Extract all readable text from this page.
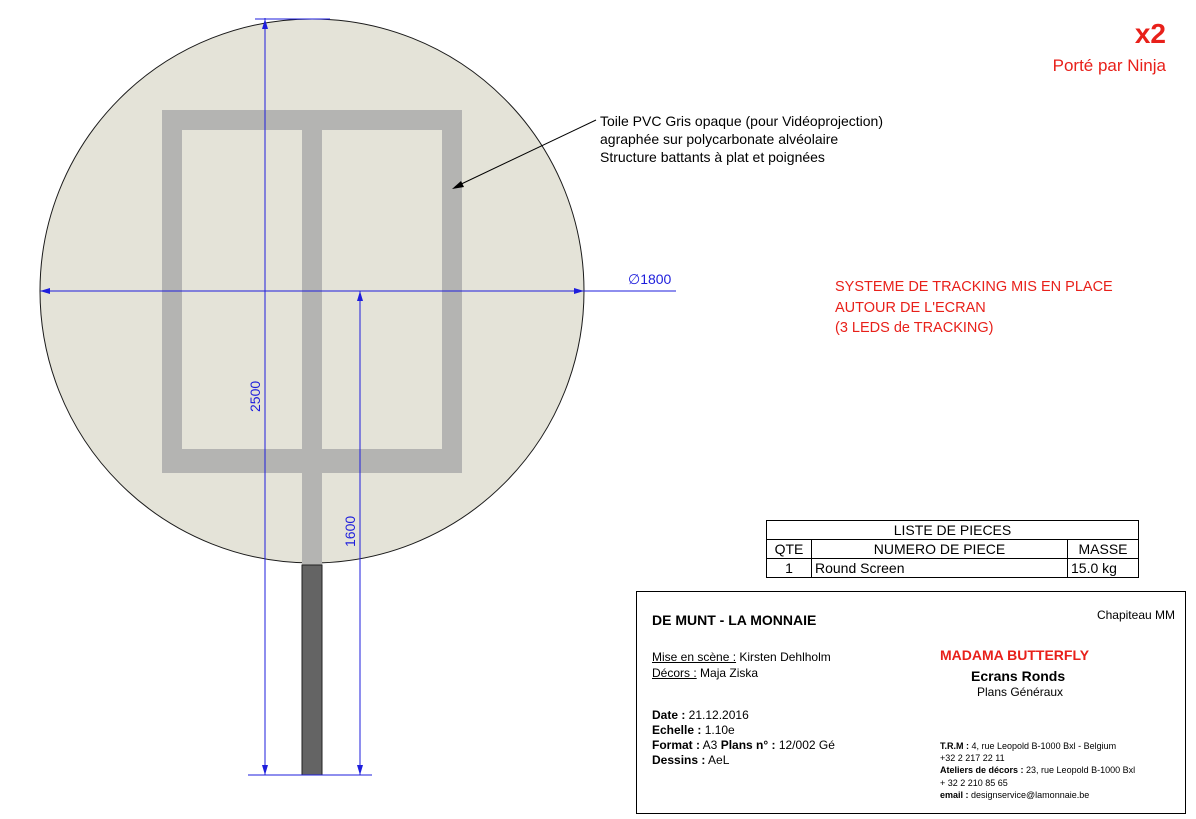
∅1800
2500
1600
x2
Porté par Ninja
Toile PVC Gris opaque (pour Vidéoprojection)
agraphée sur polycarbonate alvéolaire
Structure battants à plat et poignées
SYSTEME DE TRACKING MIS EN PLACE
AUTOUR DE L'ECRAN
(3 LEDS de TRACKING)
LISTE DE PIECES		
QTE	NUMERO DE PIECE	MASSE
1	Round Screen	15.0 kg
DE MUNT - LA MONNAIE	Chapiteau MM
MADAMA BUTTERFLY
Ecrans Ronds
Plans Généraux
Mise en scène : Kirsten Dehlholm
Décors : Maja Ziska
Date : 21.12.2016
Echelle : 1.10e
Format : A3 Plans n° : 12/002 Gé
Dessins : AeL
T.R.M : 4, rue Leopold B-1000 Bxl - Belgium
+32 2 217 22 11
Ateliers de décors : 23, rue Leopold B-1000 Bxl
+ 32 2 210 85 65
email : designservice@lamonnaie.be
